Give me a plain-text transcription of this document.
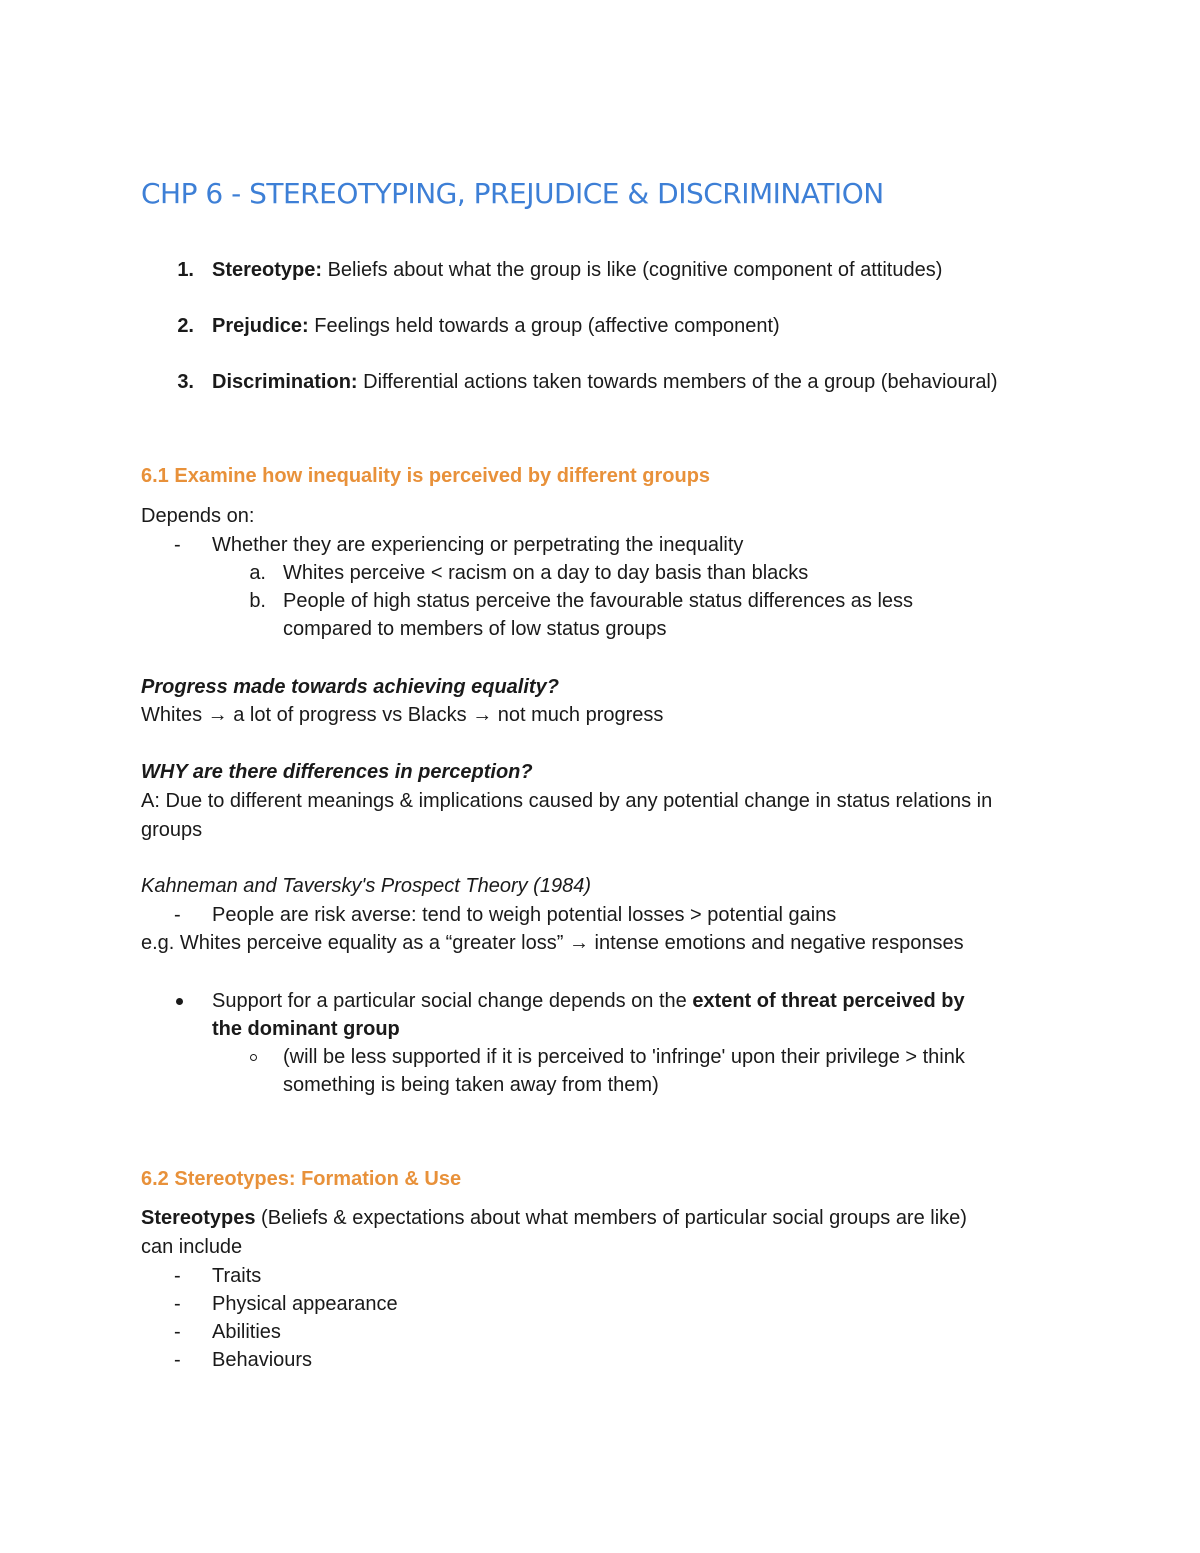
CHP 6 - STEREOTYPING, PREJUDICE & DISCRIMINATION
1. Stereotype: Beliefs about what the group is like (cognitive component of attitudes)
2. Prejudice: Feelings held towards a group (affective component)
3. Discrimination: Differential actions taken towards members of the a group (behavioural)
6.1 Examine how inequality is perceived by different groups
Depends on:
- Whether they are experiencing or perpetrating the inequality
a. Whites perceive < racism on a day to day basis than blacks
b. People of high status perceive the favourable status differences as less
compared to members of low status groups
Progress made towards achieving equality?
Whites → a lot of progress vs Blacks → not much progress
WHY are there differences in perception?
A: Due to different meanings & implications caused by any potential change in status relations in
groups
Kahneman and Taversky's Prospect Theory (1984)
- People are risk averse: tend to weigh potential losses > potential gains
e.g. Whites perceive equality as a “greater loss” → intense emotions and negative responses
Support for a particular social change depends on the extent of threat perceived by
the dominant group
(will be less supported if it is perceived to 'infringe' upon their privilege > think
something is being taken away from them)
6.2 Stereotypes: Formation & Use
Stereotypes (Beliefs & expectations about what members of particular social groups are like)
can include
- Traits
- Physical appearance
- Abilities
- Behaviours
